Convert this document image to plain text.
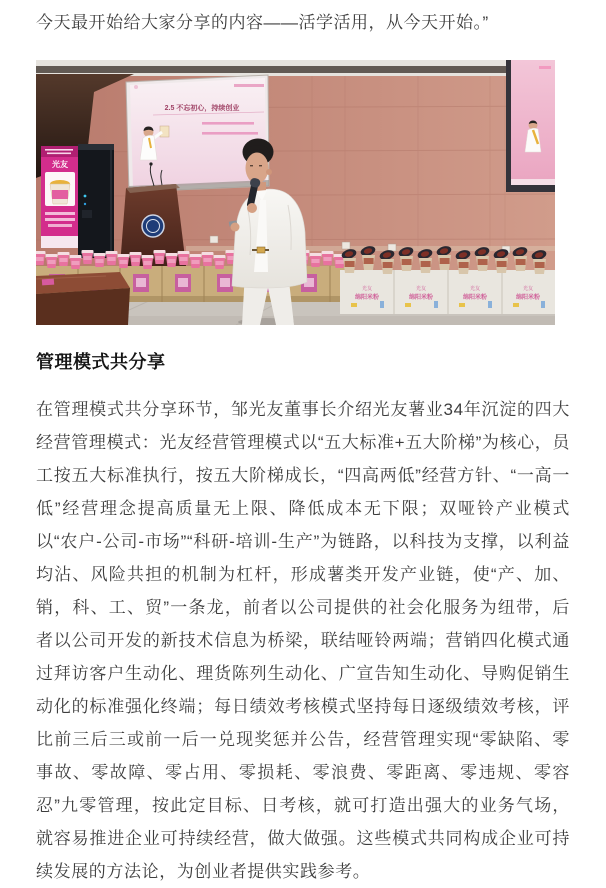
今天最开始给大家分享的内容——活学活用，从今天开始。”

2.5 不忘初心，持续创业
光友
光友
绵阳米粉
光友
绵阳米粉
光友
绵阳米粉
光友
绵阳米粉
管理模式共分享

在管理模式共分享环节，邹光友董事长介绍光友薯业34年沉淀的四大经营管理模式：光友经营管理模式以“五大标准+五大阶梯”为核心，员工按五大标准执行，按五大阶梯成长，“四高两低”经营方针、“一高一低”经营理念提高质量无上限、降低成本无下限；双哑铃产业模式以“农户-公司-市场”“科研-培训-生产”为链路，以科技为支撑，以利益均沾、风险共担的机制为杠杆，形成薯类开发产业链，使“产、加、销，科、工、贸”一条龙，前者以公司提供的社会化服务为纽带，后者以公司开发的新技术信息为桥梁，联结哑铃两端；营销四化模式通过拜访客户生动化、理货陈列生动化、广宣告知生动化、导购促销生动化的标准强化终端；每日绩效考核模式坚持每日逐级绩效考核，评比前三后三或前一后一兑现奖惩并公告，经营管理实现“零缺陷、零事故、零故障、零占用、零损耗、零浪费、零距离、零违规、零容忍”九零管理，按此定目标、日考核，就可打造出强大的业务气场，就容易推进企业可持续经营，做大做强。这些模式共同构成企业可持续发展的方法论，为创业者提供实践参考。
